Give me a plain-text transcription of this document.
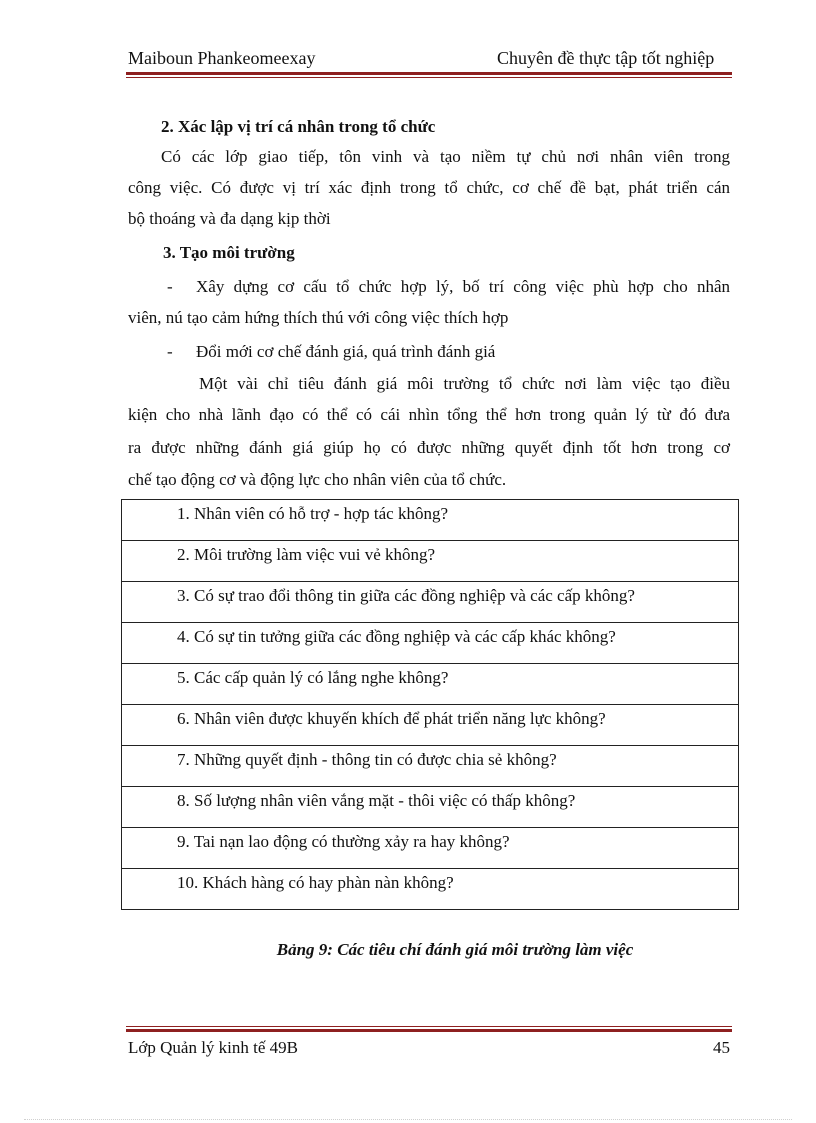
Maiboun Phankeomeexay	Chuyên đề thực tập tốt nghiệp
2. Xác lập vị trí cá nhân trong tổ chức
Có các lớp giao tiếp, tôn vinh và tạo niềm tự chủ nơi nhân viên trong
công việc. Có được vị trí xác định trong tổ chức, cơ chế đề bạt, phát triển cán
bộ thoáng và đa dạng kịp thời
3. Tạo môi trường
-	Xây dựng cơ cấu tổ chức hợp lý, bố trí công việc phù hợp cho nhân
viên, nú tạo cảm hứng thích thú với công việc thích hợp
-	Đổi mới cơ chế đánh giá, quá trình đánh giá
Một vài chỉ tiêu đánh giá môi trường tổ chức nơi làm việc tạo điều
kiện cho nhà lãnh đạo có thể có cái nhìn tổng thể hơn trong quản lý từ đó đưa
ra được những đánh giá giúp họ có được những quyết định tốt hơn trong cơ
chế tạo động cơ và động lực cho nhân viên của tổ chức.
1. Nhân viên có hỗ trợ - hợp tác không?
2. Môi trường làm việc vui vẻ không?
3. Có sự trao đổi thông tin giữa các đồng nghiệp và các cấp không?
4. Có sự tin tưởng giữa các đồng nghiệp và các cấp khác không?
5. Các cấp quản lý có lắng nghe không?
6. Nhân viên được khuyến khích để phát triển năng lực không?
7. Những quyết định - thông tin có được chia sẻ không?
8. Số lượng nhân viên vắng mặt - thôi việc có thấp không?
9. Tai nạn lao động có thường xảy ra hay không?
10. Khách hàng có hay phàn nàn không?
Bảng 9: Các tiêu chí đánh giá môi trường làm việc
Lớp Quản lý kinh tế 49B	45
